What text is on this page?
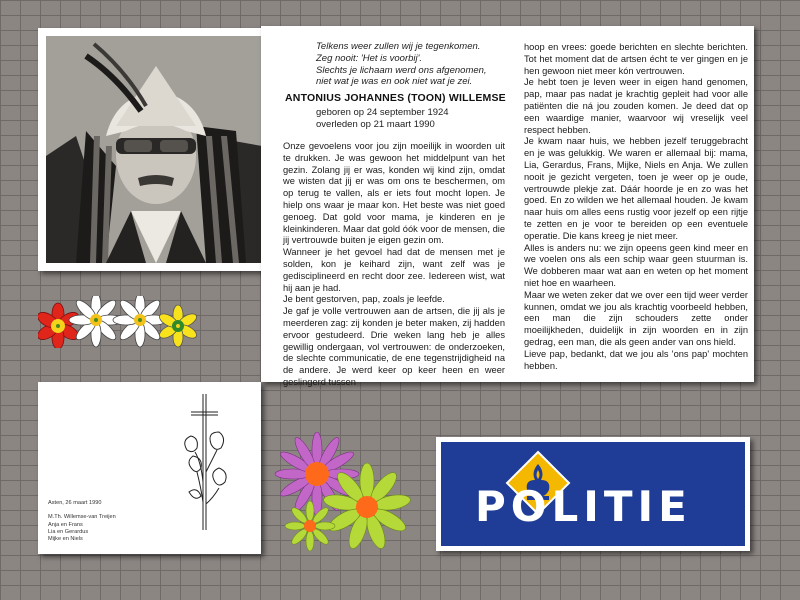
Telkens weer zullen wij je tegenkomen.
Zeg nooit: 'Het is voorbij'.
Slechts je lichaam werd ons afgenomen,
niet wat je was en ook niet wat je zei.
ANTONIUS JOHANNES (TOON) WILLEMSE
geboren op 24 september 1924
overleden op 21 maart 1990

Onze gevoelens voor jou zijn moeilijk in woorden uit te drukken. Je was gewoon het middelpunt van het gezin. Zolang jij er was, konden wij kind zijn, omdat we wisten dat jij er was om ons te beschermen, om op terug te vallen, als er iets fout mocht lopen. Je hielp ons waar je maar kon. Het beste was niet goed genoeg. Dat gold voor mama, je kinderen en je kleinkinderen. Maar dat gold óók voor de mensen, die jij vertrouwde buiten je eigen gezin om.

Wanneer je het gevoel had dat de mensen met je solden, kon je keihard zijn, want zelf was je gedisciplineerd en recht door zee. Iedereen wist, wat hij aan je had.

Je bent gestorven, pap, zoals je leefde.

Je gaf je volle vertrouwen aan de artsen, die jij als je meerderen zag: zij konden je beter maken, zij hadden ervoor gestudeerd. Drie weken lang heb je alles gewillig ondergaan, vol vertrouwen: de onderzoeken, de slechte communicatie, de ene tegenstrijdigheid na de andere. Je werd keer op keer heen en weer geslingerd tussen

hoop en vrees: goede berichten en slechte berichten. Tot het moment dat de artsen écht te ver gingen en je hen gewoon niet meer kón vertrouwen.

Je hebt toen je leven weer in eigen hand genomen, pap, maar pas nadat je krachtig gepleit had voor alle patiënten die ná jou zouden komen. Je deed dat op een waardige manier, waarvoor wij vreselijk veel respect hebben.

Je kwam naar huis, we hebben jezelf teruggebracht en je was gelukkig. We waren er allemaal bij: mama, Lia, Gerardus, Frans, Mijke, Niels en Anja. We zullen nooit je gezicht vergeten, toen je weer op je oude, vertrouwde plekje zat. Dáár hoorde je en zo was het goed. En zo wilden we het allemaal houden. Je kwam naar huis om alles eens rustig voor jezelf op een rijtje te zetten en je voor te bereiden op een eventuele operatie. Die kans kreeg je niet meer.

Alles is anders nu: we zijn opeens geen kind meer en we voelen ons als een schip waar geen stuurman is. We dobberen maar wat aan en weten op het moment niet hoe en waarheen.

Maar we weten zeker dat we over een tijd weer verder kunnen, omdat we jou als krachtig voorbeeld hebben, een man die zijn schouders zette onder moeilijkheden, duidelijk in zijn woorden en in zijn gedrag, een man, die als geen ander van ons hield.

Lieve pap, bedankt, dat we jou als 'ons pap' mochten hebben.

Asten, 26 maart 1990

M.Th. Willemse-van Treijen
Anja en Frans
Lia en Gerardus
Mijke en Niels
POLITIE
